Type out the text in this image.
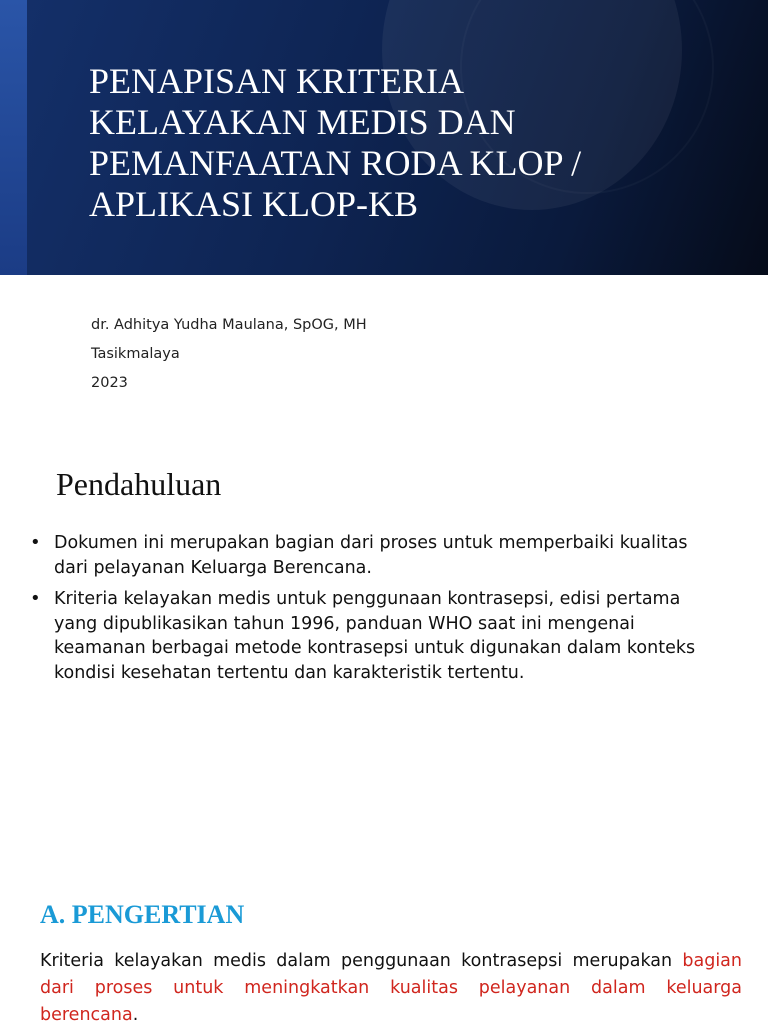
PENAPISAN KRITERIA
KELAYAKAN MEDIS DAN
PEMANFAATAN RODA KLOP /
APLIKASI KLOP-KB
dr. Adhitya Yudha Maulana, SpOG, MH
Tasikmalaya
2023
Pendahuluan
• Dokumen ini merupakan bagian dari proses untuk memperbaiki kualitas
dari pelayanan Keluarga Berencana.
• Kriteria kelayakan medis untuk penggunaan kontrasepsi, edisi pertama
yang dipublikasikan tahun 1996, panduan WHO saat ini mengenai
keamanan berbagai metode kontrasepsi untuk digunakan dalam konteks
kondisi kesehatan tertentu dan karakteristik tertentu.
A. PENGERTIAN

Kriteria kelayakan medis dalam penggunaan kontrasepsi merupakan bagian
dari proses untuk meningkatkan kualitas pelayanan dalam keluarga
berencana.
